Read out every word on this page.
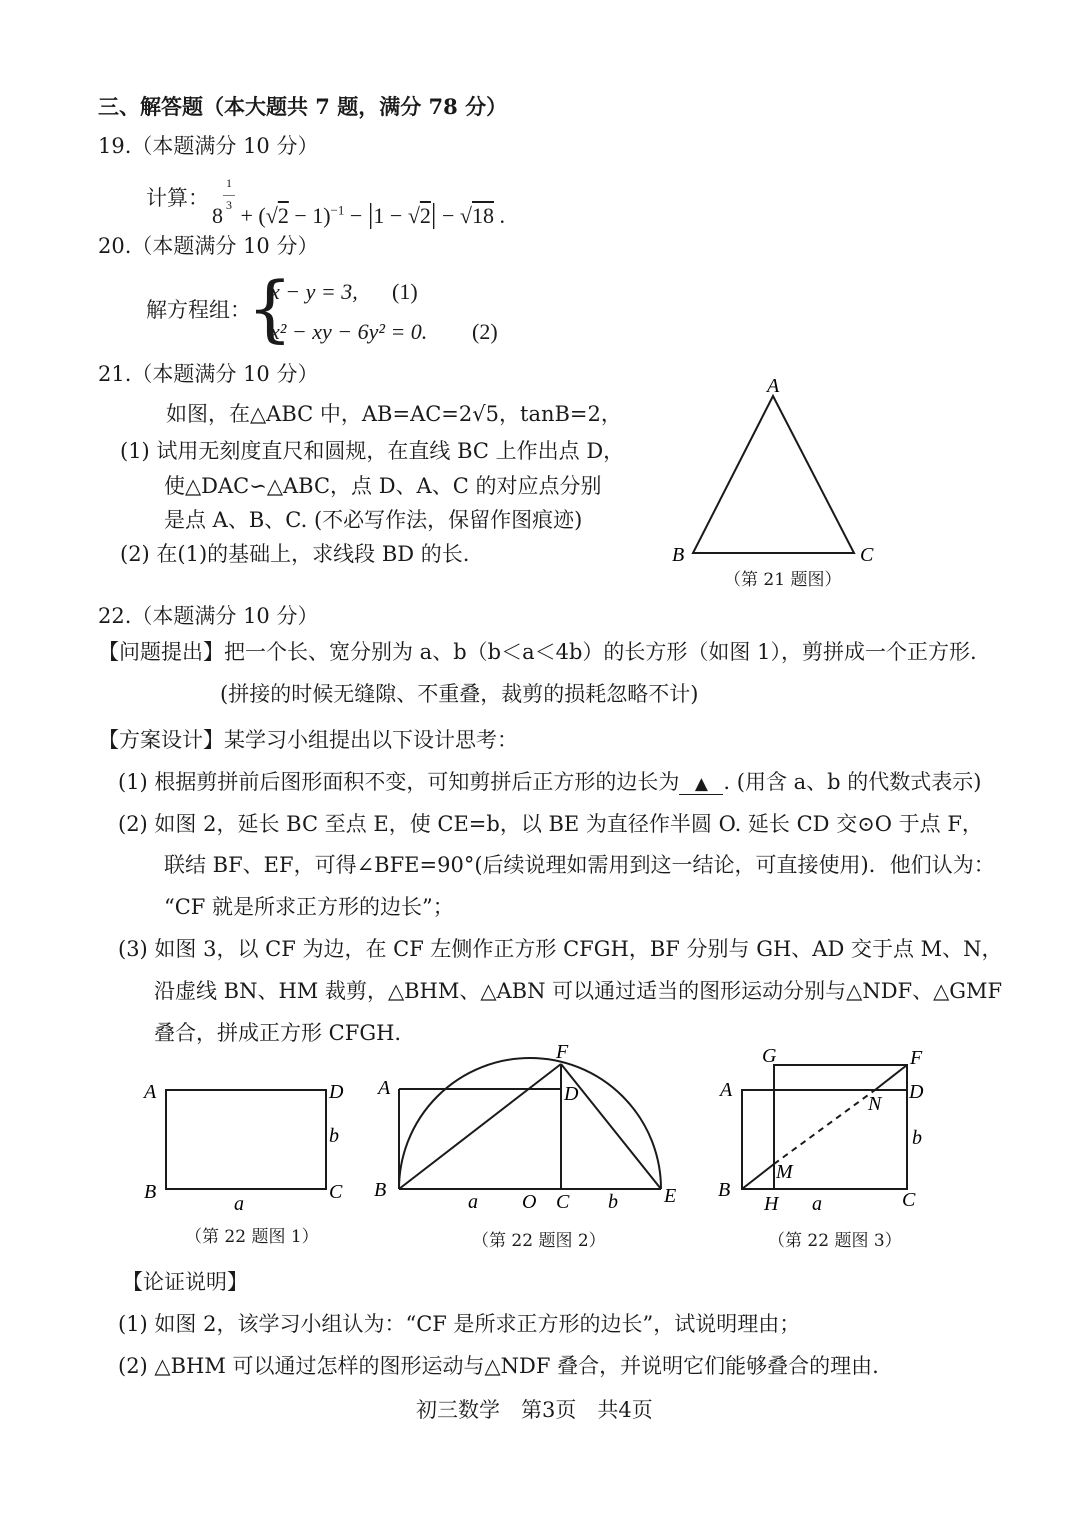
三、解答题（本大题共 7 题，满分 78 分）
19.（本题满分 10 分）
计算：
$8^{1 ― 3} + (√2 - 1)^{-1} - |1 - √2| - √18$ .
20.（本题满分 10 分）
解方程组：
{
x − y = 3, (1)
x² − xy − 6y² = 0. (2)
21.（本题满分 10 分）
如图，在△ABC 中，AB=AC=2√5，tanB=2，
(1) 试用无刻度直尺和圆规，在直线 BC 上作出点 D，
使△DAC∽△ABC，点 D、A、C 的对应点分别
是点 A、B、C. (不必写作法，保留作图痕迹)
(2) 在(1)的基础上，求线段 BD 的长.
A
B	C
（第 21 题图）
22.（本题满分 10 分）
【问题提出】把一个长、宽分别为 a、b（b＜a＜4b）的长方形（如图 1），剪拼成一个正方形.
(拼接的时候无缝隙、不重叠，裁剪的损耗忽略不计)
【方案设计】某学习小组提出以下设计思考：
(1) 根据剪拼前后图形面积不变，可知剪拼后正方形的边长为 ▲ . (用含 a、b 的代数式表示)
(2) 如图 2，延长 BC 至点 E，使 CE=b，以 BE 为直径作半圆 O. 延长 CD 交⊙O 于点 F，
联结 BF、EF，可得∠BFE=90°(后续说理如需用到这一结论，可直接使用)．他们认为：
“CF 就是所求正方形的边长”；
(3) 如图 3，以 CF 为边，在 CF 左侧作正方形 CFGH，BF 分别与 GH、AD 交于点 M、N，
沿虚线 BN、HM 裁剪，△BHM、△ABN 可以通过适当的图形运动分别与△NDF、△GMF
叠合，拼成正方形 CFGH.
A	D
B	C
b
a
（第 22 题图 1）
F
A	D
B	E
a O C b
（第 22 题图 2）
G	F
A	D
N
b
M
B
H a	C
（第 22 题图 3）
【论证说明】
(1) 如图 2，该学习小组认为：“CF 是所求正方形的边长”，试说明理由；
(2) △BHM 可以通过怎样的图形运动与△NDF 叠合，并说明它们能够叠合的理由.
初三数学　第3页　共4页
